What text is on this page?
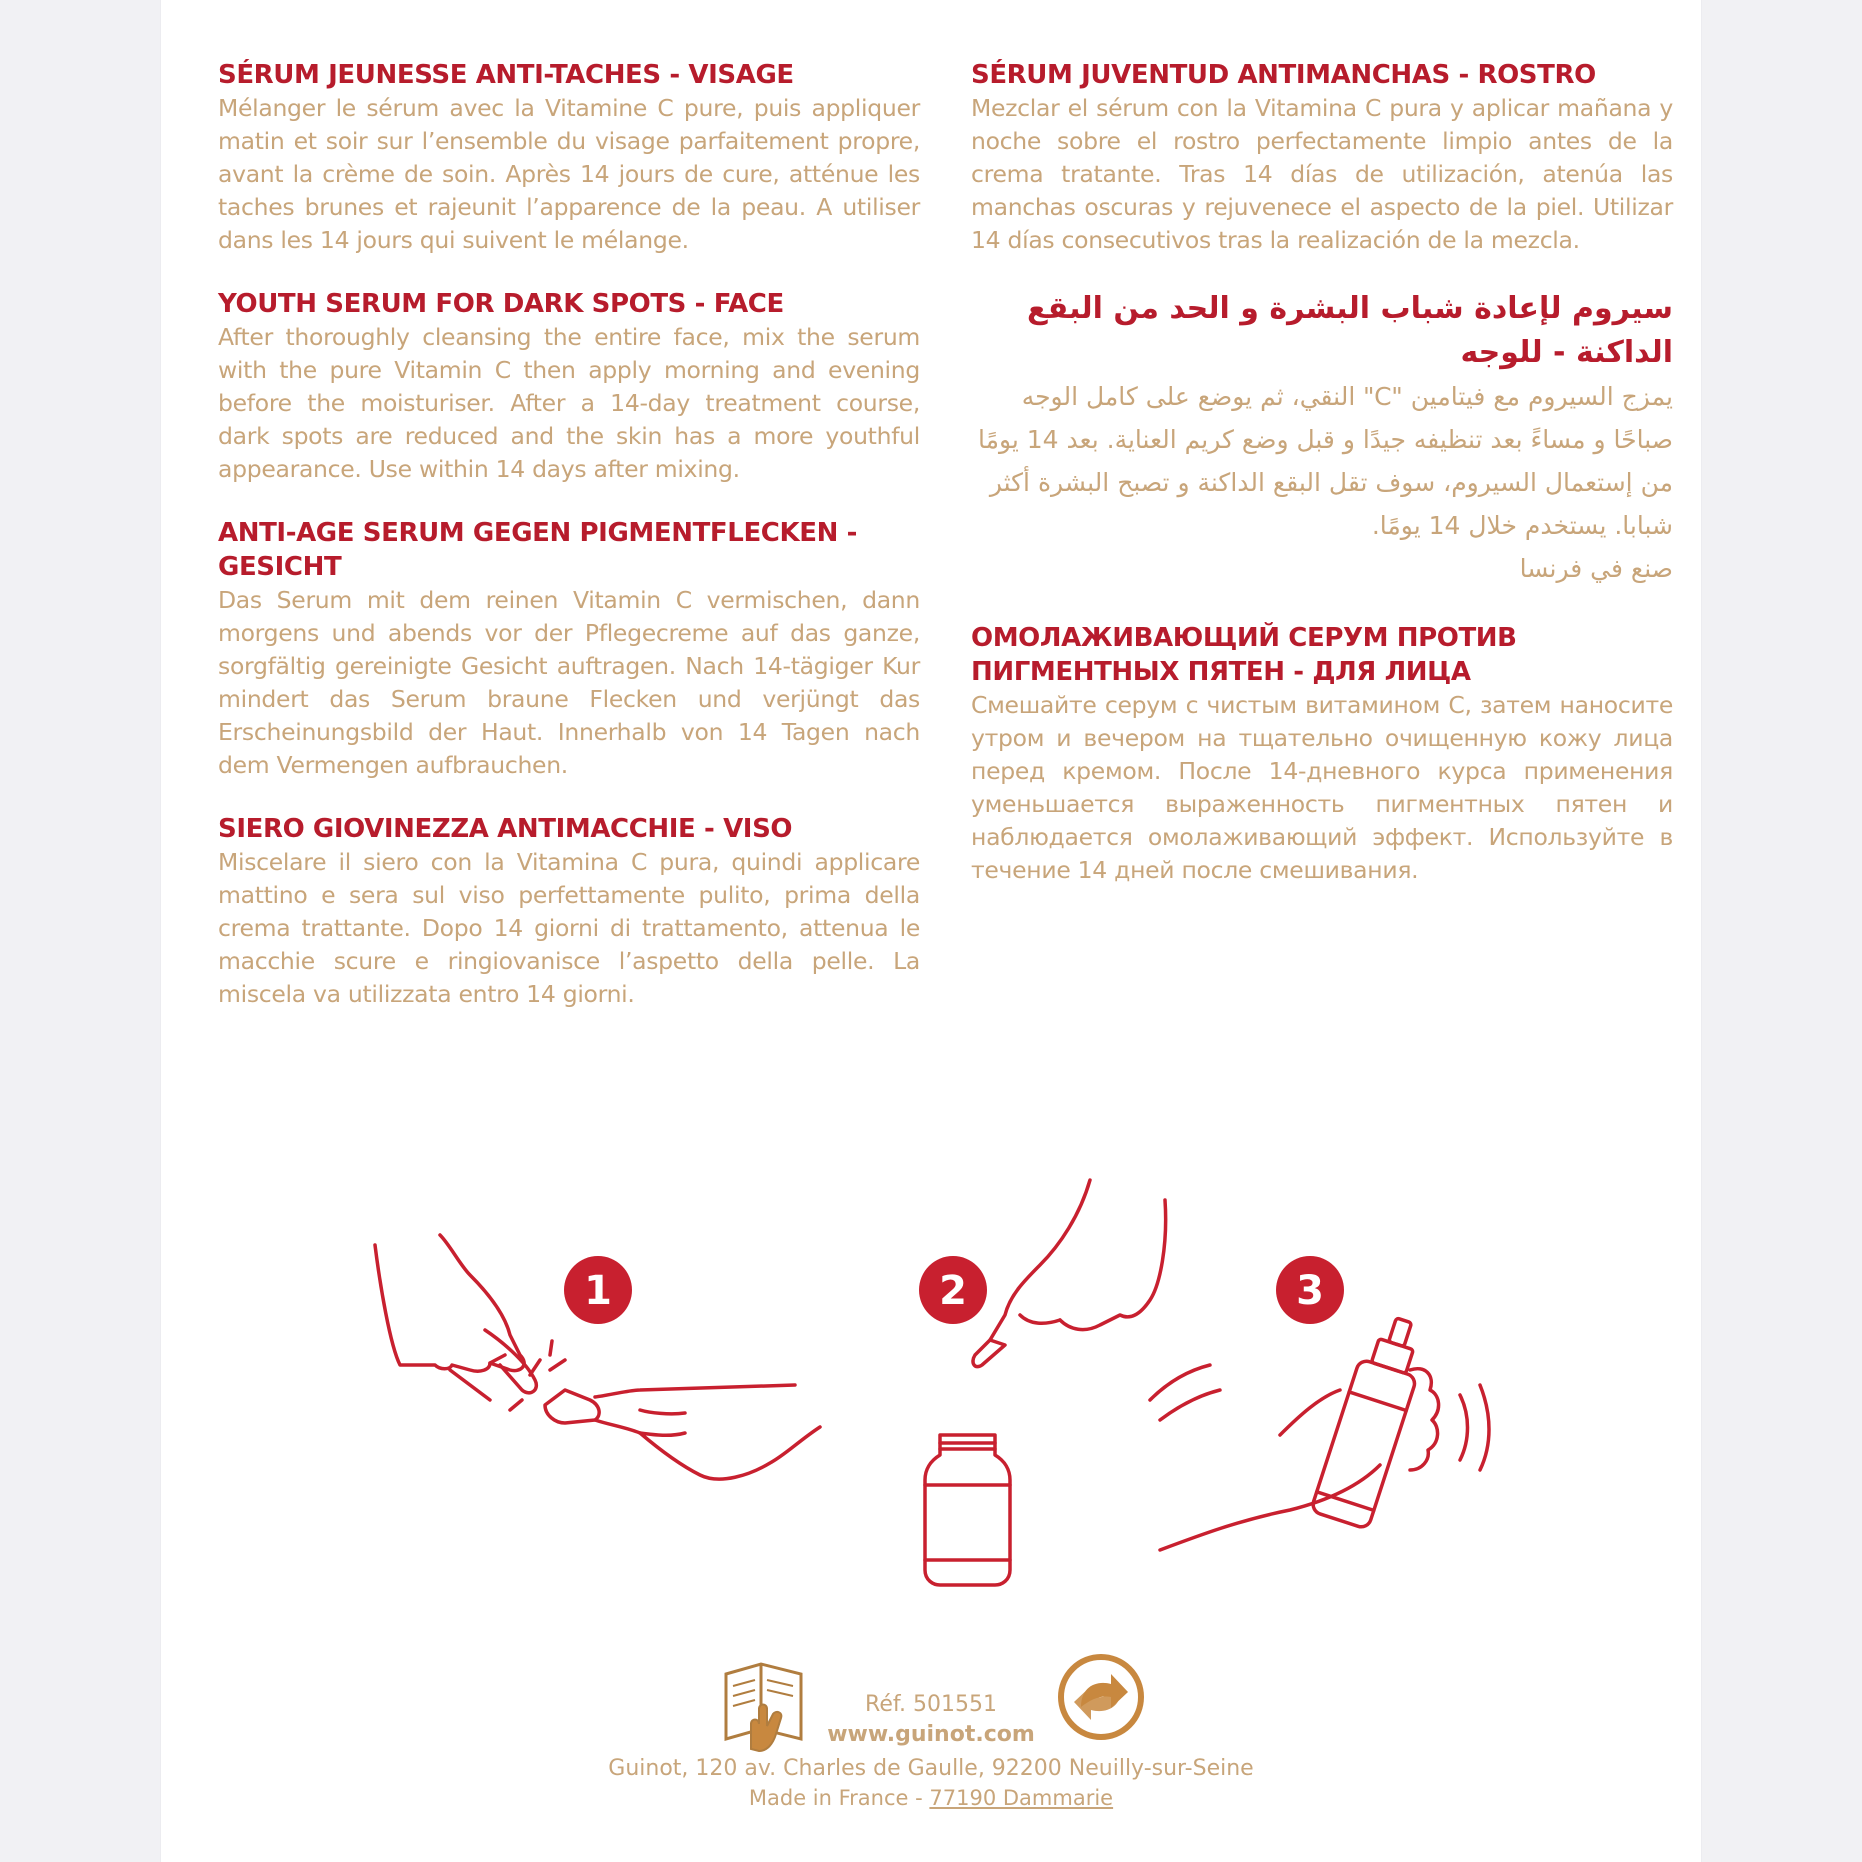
SÉRUM JEUNESSE ANTI-TACHES - VISAGE

Mélanger le sérum avec la Vitamine C pure, puis appliquer matin et soir sur l’ensemble du visage parfaitement propre, avant la crème de soin. Après 14 jours de cure, atténue les taches brunes et rajeunit l’apparence de la peau. A utiliser dans les 14 jours qui suivent le mélange.

YOUTH SERUM FOR DARK SPOTS - FACE

After thoroughly cleansing the entire face, mix the serum with the pure Vitamin C then apply morning and evening before the moisturiser. After a 14-day treatment course, dark spots are reduced and the skin has a more youthful appearance. Use within 14 days after mixing.

ANTI-AGE SERUM GEGEN PIGMENTFLECKEN - GESICHT

Das Serum mit dem reinen Vitamin C vermischen, dann morgens und abends vor der Pflegecreme auf das ganze, sorgfältig gereinigte Gesicht auftragen. Nach 14-tägiger Kur mindert das Serum braune Flecken und verjüngt das Erscheinungsbild der Haut. Innerhalb von 14 Tagen nach dem Vermengen aufbrauchen.

SIERO GIOVINEZZA ANTIMACCHIE - VISO

Miscelare il siero con la Vitamina C pura, quindi applicare mattino e sera sul viso perfettamente pulito, prima della crema trattante. Dopo 14 giorni di trattamento, attenua le macchie scure e ringiovanisce l’aspetto della pelle. La miscela va utilizzata entro 14 giorni.

SÉRUM JUVENTUD ANTIMANCHAS - ROSTRO

Mezclar el sérum con la Vitamina C pura y aplicar mañana y noche sobre el rostro perfectamente limpio antes de la crema tratante. Tras 14 días de utilización, atenúa las manchas oscuras y rejuvenece el aspecto de la piel. Utilizar 14 días consecutivos tras la realización de la mezcla.

سيروم لإعادة شباب البشرة و الحد من البقع الداكنة - للوجه

يمزج السيروم مع فيتامين "C" النقي، ثم يوضع على كامل الوجه صباحًا و مساءً بعد تنظيفه جيدًا و قبل وضع كريم العناية. بعد 14 يومًا من إستعمال السيروم، سوف تقل البقع الداكنة و تصبح البشرة أكثر شبابا. يستخدم خلال 14 يومًا.

صنع في فرنسا

ОМОЛАЖИВАЮЩИЙ СЕРУМ ПРОТИВ ПИГМЕНТНЫХ ПЯТЕН - ДЛЯ ЛИЦА

Смешайте серум с чистым витамином С, затем наносите утром и вечером на тщательно очищенную кожу лица перед кремом. После 14-дневного курса применения уменьшается выраженность пигментных пятен и наблюдается омолаживающий эффект. Используйте в течение 14 дней после смешивания.

1	2	3

Réf. 501551

www.guinot.com

Guinot, 120 av. Charles de Gaulle, 92200 Neuilly-sur-Seine

Made in France - 77190 Dammarie
